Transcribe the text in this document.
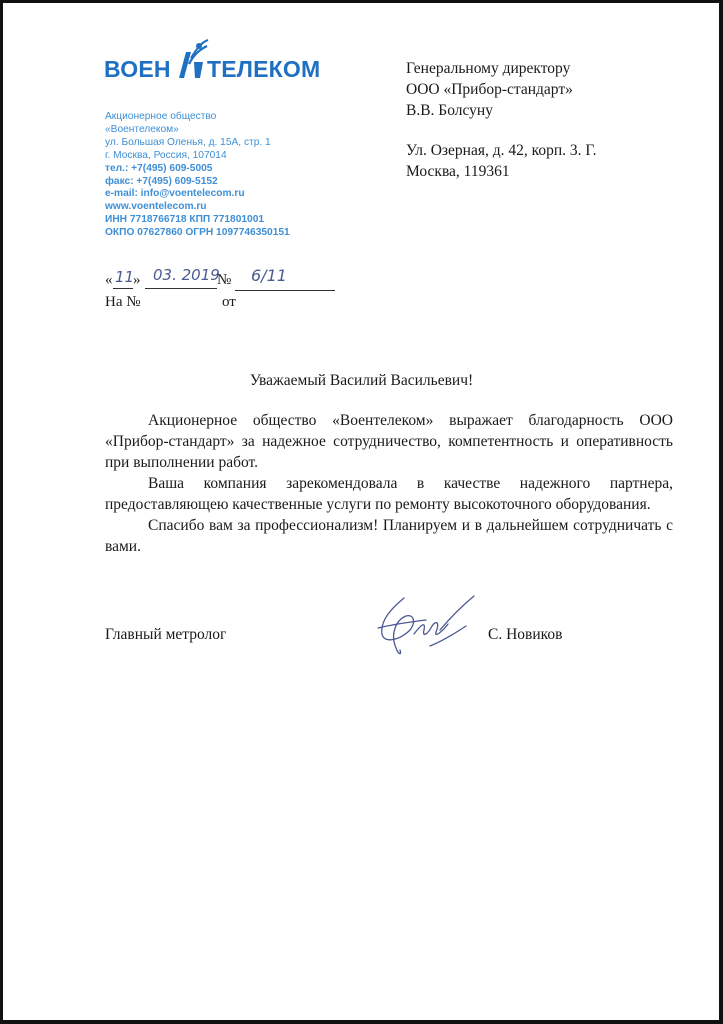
ВОЕН ТЕЛЕКОМ
Акционерное общество
«Воентелеком»
ул. Большая Оленья, д. 15А, стр. 1
г. Москва, Россия, 107014
тел.: +7(495) 609-5005
факс: +7(495) 609-5152
e-mail: info@voentelecom.ru
www.voentelecom.ru
ИНН 7718766718 КПП 771801001
ОКПО 07627860 ОГРН 1097746350151
Генеральному директору
ООО «Прибор-стандарт»
В.В. Болсуну
Ул. Озерная, д. 42, корп. 3. Г.
Москва, 119361
« 11
» 03. 2019
№ 6/11
На №	от
Уважаемый Василий Васильевич!

Акционерное общество «Воентелеком» выражает благодарность ООО «Прибор-стандарт» за надежное сотрудничество, компетентность и оперативность при выполнении работ.

Ваша компания зарекомендовала в качестве надежного партнера, предоставляющею качественные услуги по ремонту высокоточного оборудования.

Спасибо вам за профессионализм! Планируем и в дальнейшем сотрудничать с вами.

Главный метролог	С. Новиков
